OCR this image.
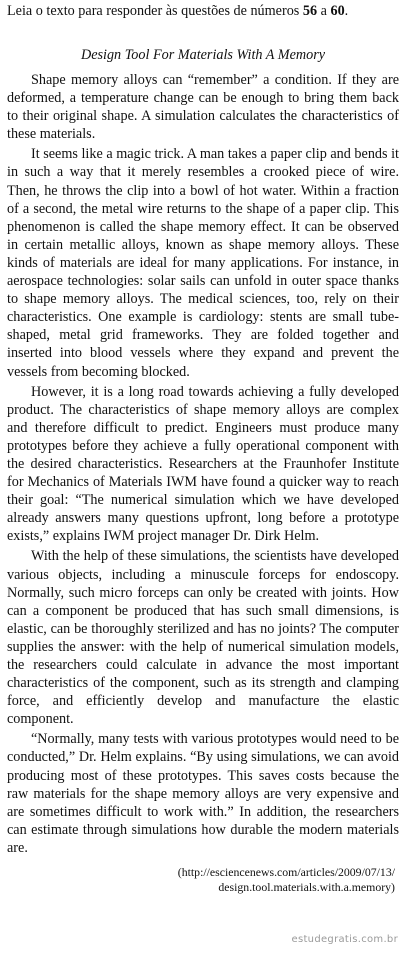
Leia o texto para responder às questões de números 56 a 60.

Design Tool For Materials With A Memory

Shape memory alloys can “remember” a condition. If they are deformed, a temperature change can be enough to bring them back to their original shape. A simulation calculates the characteristics of these materials.

It seems like a magic trick. A man takes a paper clip and bends it in such a way that it merely resembles a crooked piece of wire. Then, he throws the clip into a bowl of hot water. Within a fraction of a second, the metal wire returns to the shape of a paper clip. This phenomenon is called the shape memory effect. It can be observed in certain metallic alloys, known as shape memory alloys. These kinds of materials are ideal for many applications. For instance, in aerospace technologies: solar sails can unfold in outer space thanks to shape memory alloys. The medical sciences, too, rely on their characteristics. One example is cardiology: stents are small tube-shaped, metal grid frameworks. They are folded together and inserted into blood vessels where they expand and prevent the vessels from becoming blocked.

However, it is a long road towards achieving a fully developed product. The characteristics of shape memory alloys are complex and therefore difficult to predict. Engineers must produce many prototypes before they achieve a fully operational component with the desired characteristics. Researchers at the Fraunhofer Institute for Mechanics of Materials IWM have found a quicker way to reach their goal: “The numerical simulation which we have developed already answers many questions upfront, long before a prototype exists,” explains IWM project manager Dr. Dirk Helm.

With the help of these simulations, the scientists have developed various objects, including a minuscule forceps for endoscopy. Normally, such micro forceps can only be created with joints. How can a component be produced that has such small dimensions, is elastic, can be thoroughly sterilized and has no joints? The computer supplies the answer: with the help of numerical simulation models, the researchers could calculate in advance the most important characteristics of the component, such as its strength and clamping force, and efficiently develop and manufacture the elastic component.

“Normally, many tests with various prototypes would need to be conducted,” Dr. Helm explains. “By using simulations, we can avoid producing most of these prototypes. This saves costs because the raw materials for the shape memory alloys are very expensive and are sometimes difficult to work with.” In addition, the researchers can estimate through simulations how durable the modern materials are.

(http://esciencenews.com/articles/2009/07/13/
design.tool.materials.with.a.memory)
estudegratis.com.br
